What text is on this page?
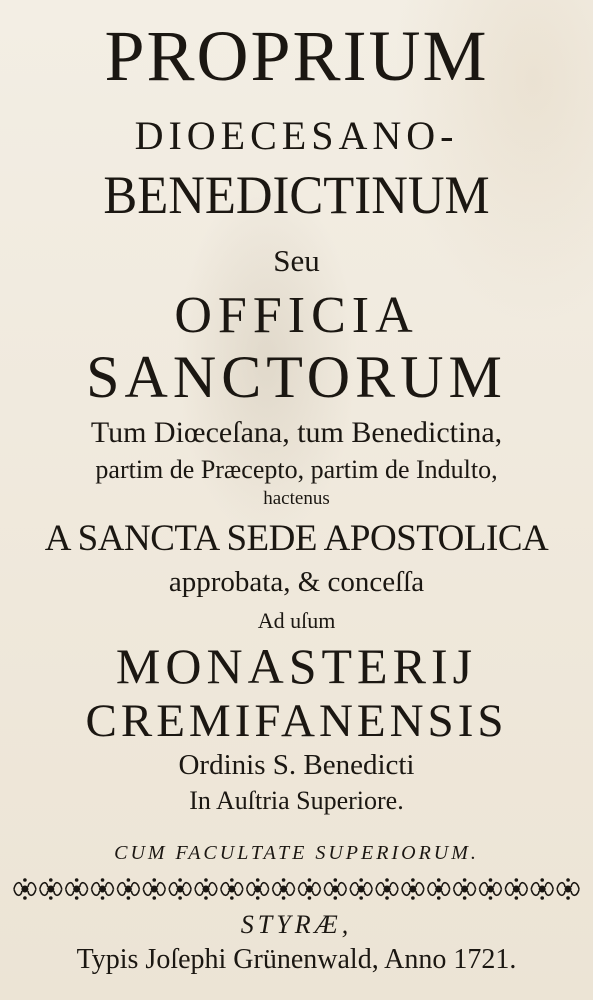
PROPRIUM
DIOECESANO-
BENEDICTINUM
Seu
OFFICIA
SANCTORUM
Tum Diœceſana, tum Benedictina,
partim de Præcepto, partim de Indulto,
hactenus
A SANCTA SEDE APOSTOLICA
approbata, & conceſſa
Ad uſum
MONASTERIJ
CREMIFANENSIS
Ordinis S. Benedicti
In Auſtria Superiore.
CUM FACULTATE SUPERIORUM.
STYRÆ,
Typis Joſephi Grünenwald, Anno 1721.
